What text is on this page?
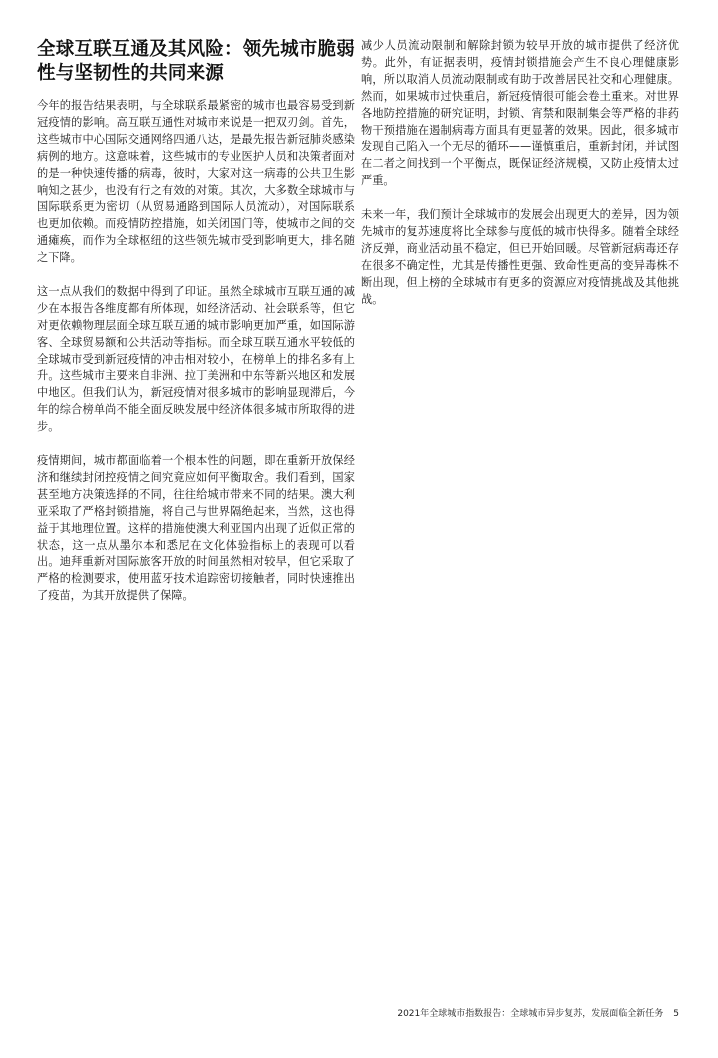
全球互联互通及其风险：领先城市脆弱性与坚韧性的共同来源

今年的报告结果表明，与全球联系最紧密的城市也最容易受到新冠疫情的影响。高互联互通性对城市来说是一把双刃剑。首先，这些城市中心国际交通网络四通八达，是最先报告新冠肺炎感染病例的地方。这意味着，这些城市的专业医护人员和决策者面对的是一种快速传播的病毒，彼时，大家对这一病毒的公共卫生影响知之甚少，也没有行之有效的对策。其次，大多数全球城市与国际联系更为密切（从贸易通路到国际人员流动），对国际联系也更加依赖。而疫情防控措施，如关闭国门等，使城市之间的交通瘫痪，而作为全球枢纽的这些领先城市受到影响更大，排名随之下降。

这一点从我们的数据中得到了印证。虽然全球城市互联互通的减少在本报告各维度都有所体现，如经济活动、社会联系等，但它对更依赖物理层面全球互联互通的城市影响更加严重，如国际游客、全球贸易额和公共活动等指标。而全球互联互通水平较低的全球城市受到新冠疫情的冲击相对较小，在榜单上的排名多有上升。这些城市主要来自非洲、拉丁美洲和中东等新兴地区和发展中地区。但我们认为，新冠疫情对很多城市的影响显现滞后，今年的综合榜单尚不能全面反映发展中经济体很多城市所取得的进步。

疫情期间，城市都面临着一个根本性的问题，即在重新开放保经济和继续封闭控疫情之间究竟应如何平衡取舍。我们看到，国家甚至地方决策选择的不同，往往给城市带来不同的结果。澳大利亚采取了严格封锁措施，将自己与世界隔绝起来，当然，这也得益于其地理位置。这样的措施使澳大利亚国内出现了近似正常的状态，这一点从墨尔本和悉尼在文化体验指标上的表现可以看出。迪拜重新对国际旅客开放的时间虽然相对较早，但它采取了严格的检测要求，使用蓝牙技术追踪密切接触者，同时快速推出了疫苗，为其开放提供了保障。

减少人员流动限制和解除封锁为较早开放的城市提供了经济优势。此外，有证据表明，疫情封锁措施会产生不良心理健康影响，所以取消人员流动限制或有助于改善居民社交和心理健康。然而，如果城市过快重启，新冠疫情很可能会卷土重来。对世界各地防控措施的研究证明，封锁、宵禁和限制集会等严格的非药物干预措施在遏制病毒方面具有更显著的效果。因此，很多城市发现自己陷入一个无尽的循环——谨慎重启，重新封闭，并试图在二者之间找到一个平衡点，既保证经济规模，又防止疫情太过严重。

未来一年，我们预计全球城市的发展会出现更大的差异，因为领先城市的复苏速度将比全球参与度低的城市快得多。随着全球经济反弹，商业活动虽不稳定，但已开始回暖。尽管新冠病毒还存在很多不确定性，尤其是传播性更强、致命性更高的变异毒株不断出现，但上榜的全球城市有更多的资源应对疫情挑战及其他挑战。

2021年全球城市指数报告：全球城市异步复苏，发展面临全新任务 5
